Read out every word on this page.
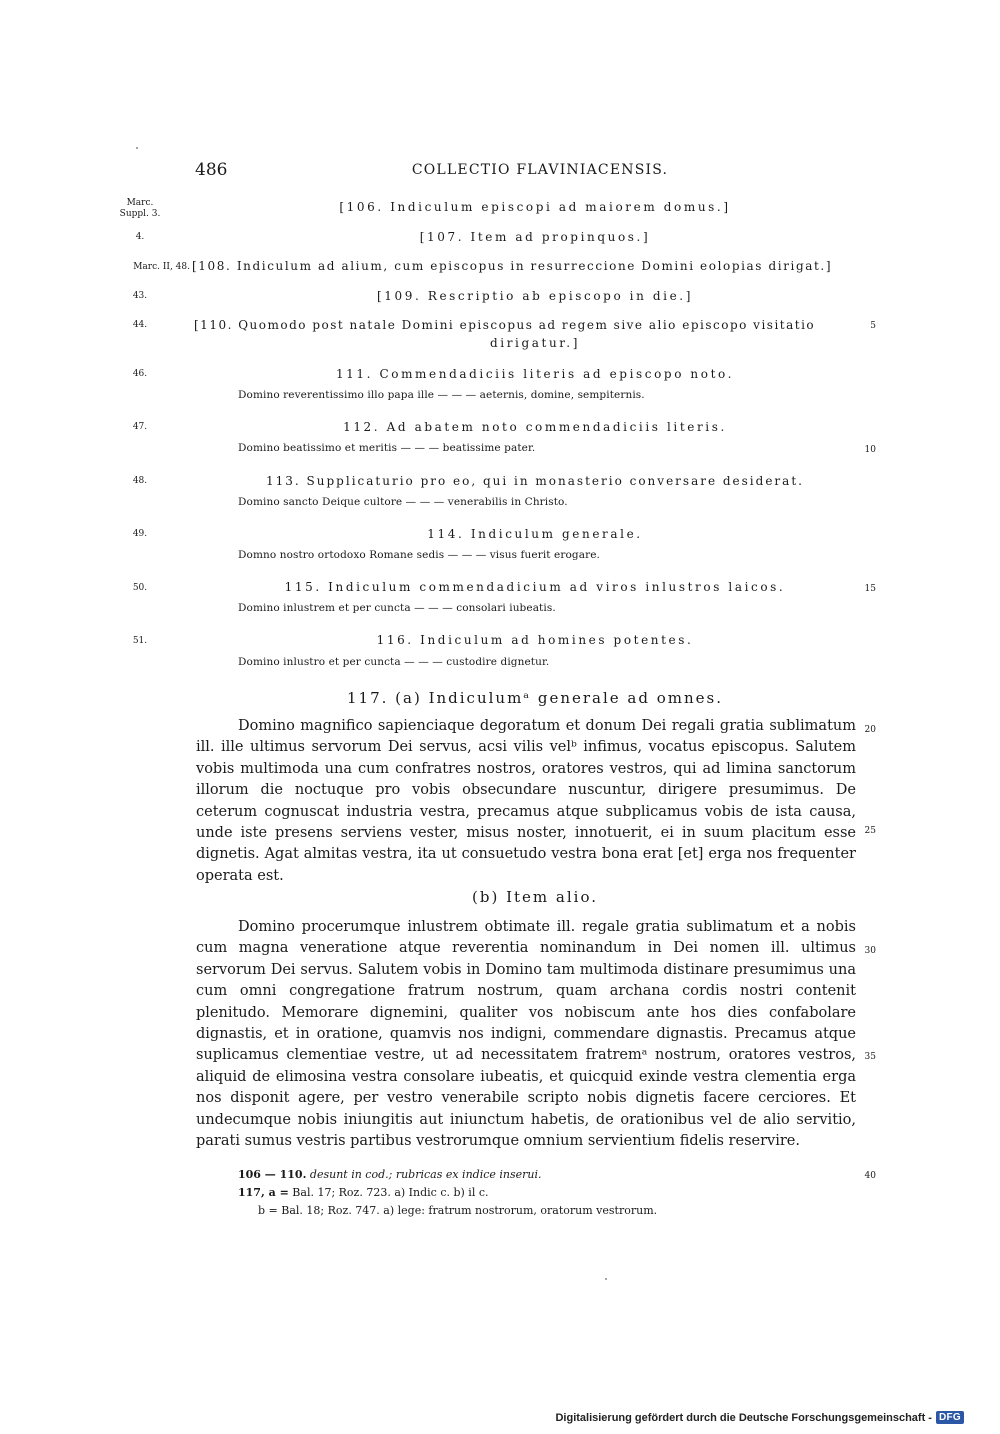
486	COLLECTIO FLAVINIACENSIS.
Marc.
Suppl. 3.	[106. Indiculum episcopi ad maiorem domus.]
4.	[107. Item ad propinquos.]
Marc. II, 48. [108. Indiculum ad alium, cum episcopus in resurreccione Domini eolopias dirigat.]
43.	[109. Rescriptio ab episcopo in die.]
44.	[110. Quomodo post natale Domini episcopus ad regem sive alio episcopo visitatio
dirigatur.]
5
46.	111. Commendadiciis literis ad episcopo noto.
Domino reverentissimo illo papa ille — — — aeternis, domine, sempiternis.
47.	112. Ad abatem noto commendadiciis literis.
Domino beatissimo et meritis — — — beatissime pater.	10
48.	113. Supplicaturio pro eo, qui in monasterio conversare desiderat.
Domino sancto Deique cultore — — — venerabilis in Christo.
49.	114. Indiculum generale.
Domno nostro ortodoxo Romane sedis — — — visus fuerit erogare.
50.	115. Indiculum commendadicium ad viros inlustros laicos.
Domino inlustrem et per cuncta — — — consolari iubeatis.
15
51.	116. Indiculum ad homines potentes.
Domino inlustro et per cuncta — — — custodire dignetur.
117. (a) Indiculumᵃ generale ad omnes.

Domino magnifico sapienciaque degoratum et donum Dei regali gratia sublimatum ill. ille ultimus servorum Dei servus, acsi vilis velᵇ infimus, vocatus episcopus. Salutem vobis multimoda una cum confratres nostros, oratores vestros, qui ad limina sanctorum illorum die noctuque pro vobis obsecundare nuscuntur, dirigere presumimus. De ceterum cognuscat industria vestra, precamus atque subplicamus vobis de ista causa, unde iste presens serviens vester, misus noster, innotuerit, ei in suum placitum esse dignetis. Agat almitas vestra, ita ut consuetudo vestra bona erat [et] erga nos frequenter operata est.

20
25
(b) Item alio.

Domino procerumque inlustrem obtimate ill. regale gratia sublimatum et a nobis cum magna veneratione atque reverentia nominandum in Dei nomen ill. ultimus servorum Dei servus. Salutem vobis in Domino tam multimoda distinare presumimus una cum omni congregatione fratrum nostrum, quam archana cordis nostri contenit plenitudo. Memorare dignemini, qualiter vos nobiscum ante hos dies confabolare dignastis, et in oratione, quamvis nos indigni, commendare dignastis. Precamus atque suplicamus clementiae vestre, ut ad necessitatem fratremᵃ nostrum, oratores vestros, aliquid de elimosina vestra consolare iubeatis, et quicquid exinde vestra clementia erga nos disponit agere, per vestro venerabile scripto nobis dignetis facere cerciores. Et undecumque nobis iniungitis aut iniunctum habetis, de orationibus vel de alio servitio, parati sumus vestris partibus vestrorumque omnium servientium fidelis reservire.

30
35
106 — 110. desunt in cod.; rubricas ex indice inserui.	40
117, a = Bal. 17; Roz. 723. a) Indic c. b) il c.
b = Bal. 18; Roz. 747. a) lege: fratrum nostrorum, oratorum vestrorum.
Digitalisierung gefördert durch die Deutsche Forschungsgemeinschaft - DFG
